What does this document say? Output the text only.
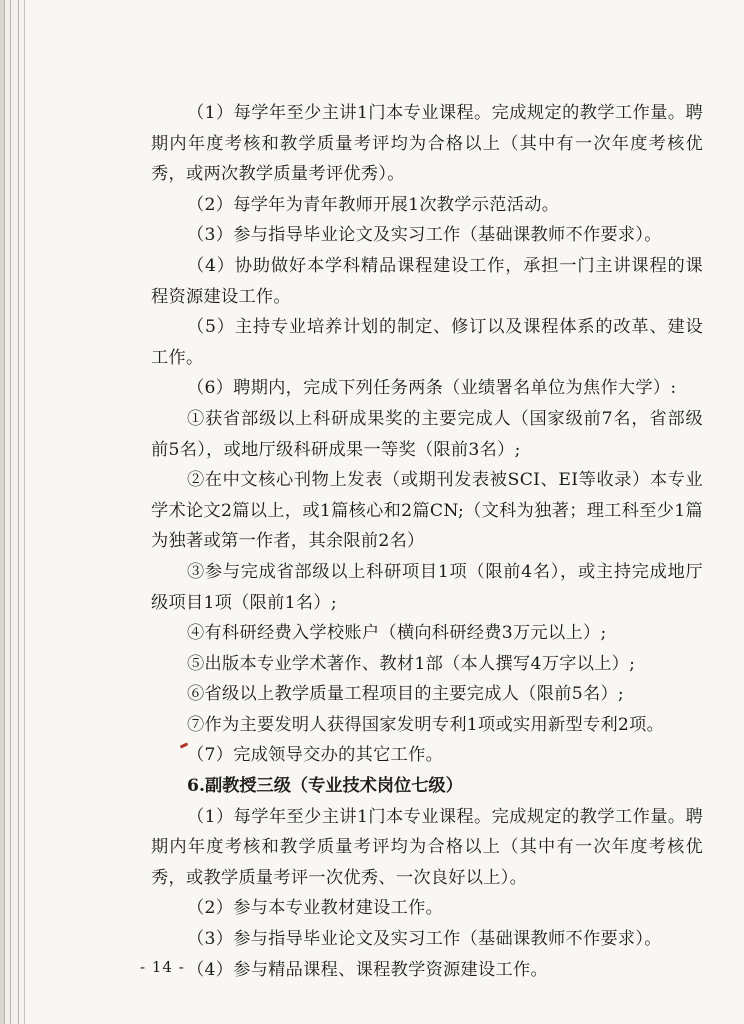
（1）每学年至少主讲1门本专业课程。完成规定的教学工作量。聘期内年度考核和教学质量考评均为合格以上（其中有一次年度考核优秀，或两次教学质量考评优秀）。

（2）每学年为青年教师开展1次教学示范活动。

（3）参与指导毕业论文及实习工作（基础课教师不作要求）。

（4）协助做好本学科精品课程建设工作，承担一门主讲课程的课程资源建设工作。

（5）主持专业培养计划的制定、修订以及课程体系的改革、建设工作。

（6）聘期内，完成下列任务两条（业绩署名单位为焦作大学）:

①获省部级以上科研成果奖的主要完成人（国家级前7名，省部级前5名），或地厅级科研成果一等奖（限前3名）;

②在中文核心刊物上发表（或期刊发表被SCI、EI等收录）本专业学术论文2篇以上，或1篇核心和2篇CN;（文科为独著；理工科至少1篇为独著或第一作者，其余限前2名）

③参与完成省部级以上科研项目1项（限前4名），或主持完成地厅级项目1项（限前1名）;

④有科研经费入学校账户（横向科研经费3万元以上）;

⑤出版本专业学术著作、教材1部（本人撰写4万字以上）;

⑥省级以上教学质量工程项目的主要完成人（限前5名）;

⑦作为主要发明人获得国家发明专利1项或实用新型专利2项。

（7）完成领导交办的其它工作。

6.副教授三级（专业技术岗位七级）

（1）每学年至少主讲1门本专业课程。完成规定的教学工作量。聘期内年度考核和教学质量考评均为合格以上（其中有一次年度考核优秀，或教学质量考评一次优秀、一次良好以上）。

（2）参与本专业教材建设工作。

（3）参与指导毕业论文及实习工作（基础课教师不作要求）。

（4）参与精品课程、课程教学资源建设工作。

- 14 -
